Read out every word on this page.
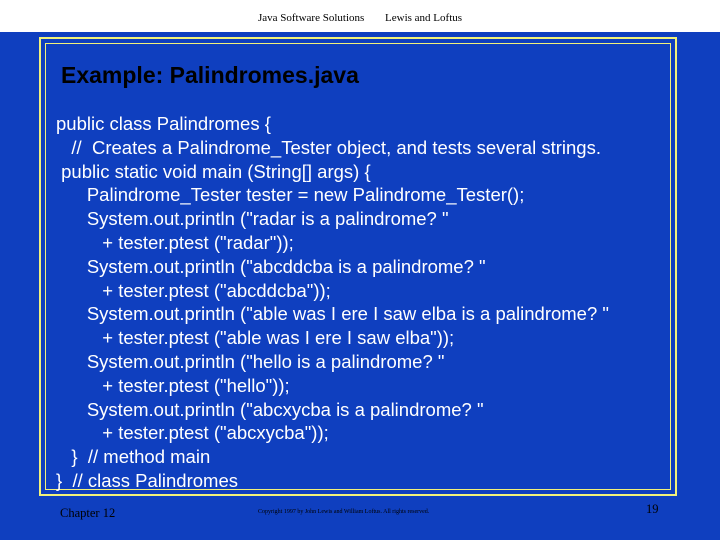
Java Software Solutions Lewis and Loftus
Example: Palindromes.java
public class Palindromes {
//  Creates a Palindrome_Tester object, and tests several strings.
public static void main (String[] args) {
Palindrome_Tester tester = new Palindrome_Tester();
System.out.println ("radar is a palindrome? "
+ tester.ptest ("radar"));
System.out.println ("abcddcba is a palindrome? "
+ tester.ptest ("abcddcba"));
System.out.println ("able was I ere I saw elba is a palindrome? "
+ tester.ptest ("able was I ere I saw elba"));
System.out.println ("hello is a palindrome? "
+ tester.ptest ("hello"));
System.out.println ("abcxycba is a palindrome? "
+ tester.ptest ("abcxycba"));
}  // method main
}  // class Palindromes
Chapter 12	Copyright 1997 by John Lewis and William Loftus. All rights reserved.	19
